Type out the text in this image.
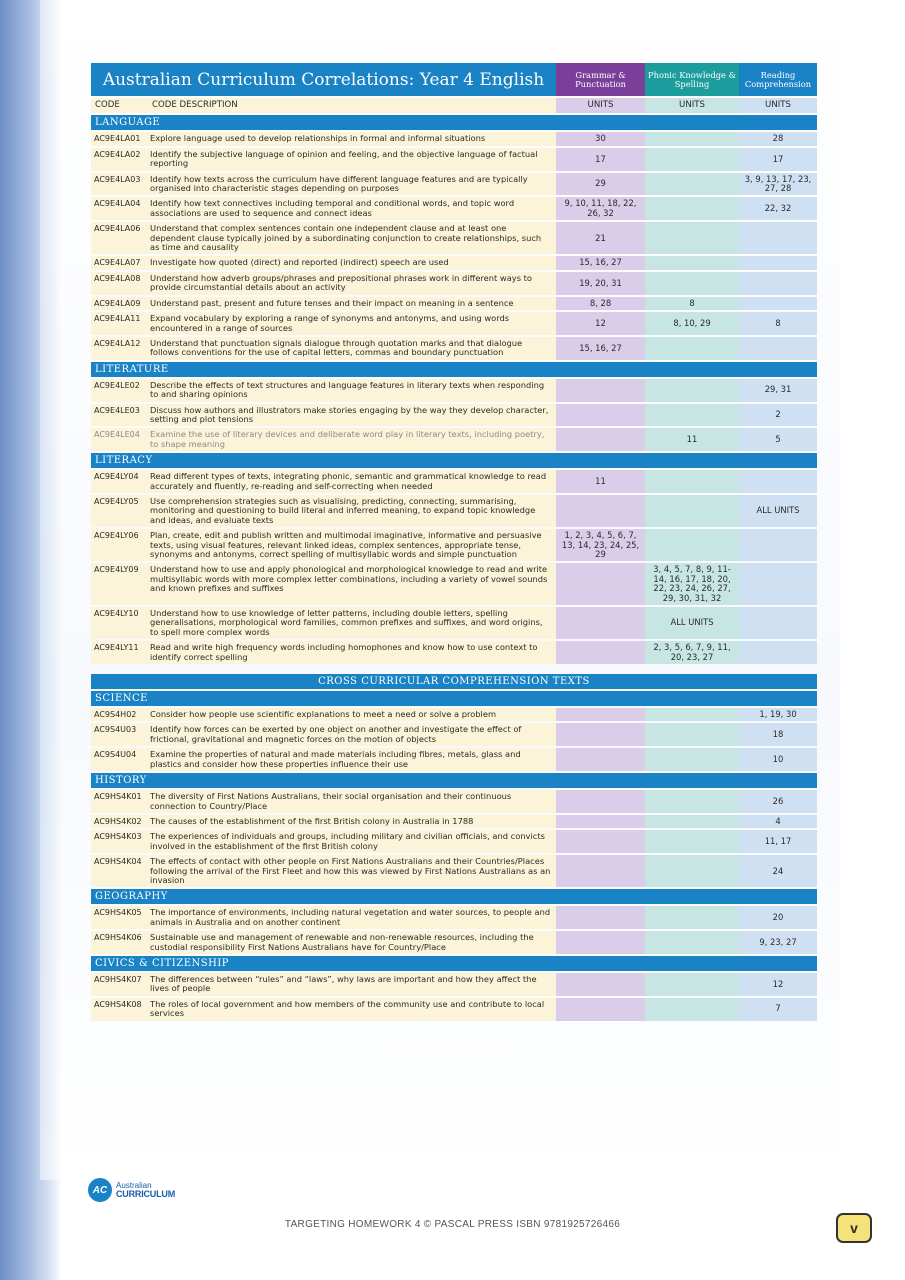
Australian Curriculum Correlations: Year 4 English		Grammar & Punctuation	Phonic Knowledge & Spelling	Reading Comprehension
CODE	CODE DESCRIPTION	UNITS	UNITS	UNITS
LANGUAGE				
AC9E4LA01	Explore language used to develop relationships in formal and informal situations	30		28
AC9E4LA02	Identify the subjective language of opinion and feeling, and the objective language of factual reporting	17		17
AC9E4LA03	Identify how texts across the curriculum have different language features and are typically organised into characteristic stages depending on purposes	29		3, 9, 13, 17, 23, 27, 28
AC9E4LA04	Identify how text connectives including temporal and conditional words, and topic word associations are used to sequence and connect ideas	9, 10, 11, 18, 22, 26, 32		22, 32
AC9E4LA06	Understand that complex sentences contain one independent clause and at least one dependent clause typically joined by a subordinating conjunction to create relationships, such as time and causality	21		
AC9E4LA07	Investigate how quoted (direct) and reported (indirect) speech are used	15, 16, 27		
AC9E4LA08	Understand how adverb groups/phrases and prepositional phrases work in different ways to provide circumstantial details about an activity	19, 20, 31		
AC9E4LA09	Understand past, present and future tenses and their impact on meaning in a sentence	8, 28	8	
AC9E4LA11	Expand vocabulary by exploring a range of synonyms and antonyms, and using words encountered in a range of sources	12	8, 10, 29	8
AC9E4LA12	Understand that punctuation signals dialogue through quotation marks and that dialogue follows conventions for the use of capital letters, commas and boundary punctuation	15, 16, 27		
LITERATURE				
AC9E4LE02	Describe the effects of text structures and language features in literary texts when responding to and sharing opinions			29, 31
AC9E4LE03	Discuss how authors and illustrators make stories engaging by the way they develop character, setting and plot tensions			2
AC9E4LE04	Examine the use of literary devices and deliberate word play in literary texts, including poetry, to shape meaning		11	5
LITERACY				
AC9E4LY04	Read different types of texts, integrating phonic, semantic and grammatical knowledge to read accurately and fluently, re-reading and self-correcting when needed	11		
AC9E4LY05	Use comprehension strategies such as visualising, predicting, connecting, summarising, monitoring and questioning to build literal and inferred meaning, to expand topic knowledge and ideas, and evaluate texts			ALL UNITS
AC9E4LY06	Plan, create, edit and publish written and multimodal imaginative, informative and persuasive texts, using visual features, relevant linked ideas, complex sentences, appropriate tense, synonyms and antonyms, correct spelling of multisyllabic words and simple punctuation	1, 2, 3, 4, 5, 6, 7, 13, 14, 23, 24, 25, 29		
AC9E4LY09	Understand how to use and apply phonological and morphological knowledge to read and write multisyllabic words with more complex letter combinations, including a variety of vowel sounds and known prefixes and suffixes		3, 4, 5, 7, 8, 9, 11-14, 16, 17, 18, 20, 22, 23, 24, 26, 27, 29, 30, 31, 32	
AC9E4LY10	Understand how to use knowledge of letter patterns, including double letters, spelling generalisations, morphological word families, common prefixes and suffixes, and word origins, to spell more complex words		ALL UNITS	
AC9E4LY11	Read and write high frequency words including homophones and know how to use context to identify correct spelling		2, 3, 5, 6, 7, 9, 11, 20, 23, 27	

CROSS CURRICULAR COMPREHENSION TEXTS				
SCIENCE				
AC9S4H02	Consider how people use scientific explanations to meet a need or solve a problem			1, 19, 30
AC9S4U03	Identify how forces can be exerted by one object on another and investigate the effect of frictional, gravitational and magnetic forces on the motion of objects			18
AC9S4U04	Examine the properties of natural and made materials including fibres, metals, glass and plastics and consider how these properties influence their use			10
HISTORY				
AC9HS4K01	The diversity of First Nations Australians, their social organisation and their continuous connection to Country/Place			26
AC9HS4K02	The causes of the establishment of the first British colony in Australia in 1788			4
AC9HS4K03	The experiences of individuals and groups, including military and civilian officials, and convicts involved in the establishment of the first British colony			11, 17
AC9HS4K04	The effects of contact with other people on First Nations Australians and their Countries/Places following the arrival of the First Fleet and how this was viewed by First Nations Australians as an invasion			24
GEOGRAPHY				
AC9HS4K05	The importance of environments, including natural vegetation and water sources, to people and animals in Australia and on another continent			20
AC9HS4K06	Sustainable use and management of renewable and non-renewable resources, including the custodial responsibility First Nations Australians have for Country/Place			9, 23, 27
CIVICS & CITIZENSHIP				
AC9HS4K07	The differences between “rules” and “laws”, why laws are important and how they affect the lives of people			12
AC9HS4K08	The roles of local government and how members of the community use and contribute to local services			7
AC	Australian
CURRICULUM
TARGETING HOMEWORK 4 © PASCAL PRESS ISBN 9781925726466	v
